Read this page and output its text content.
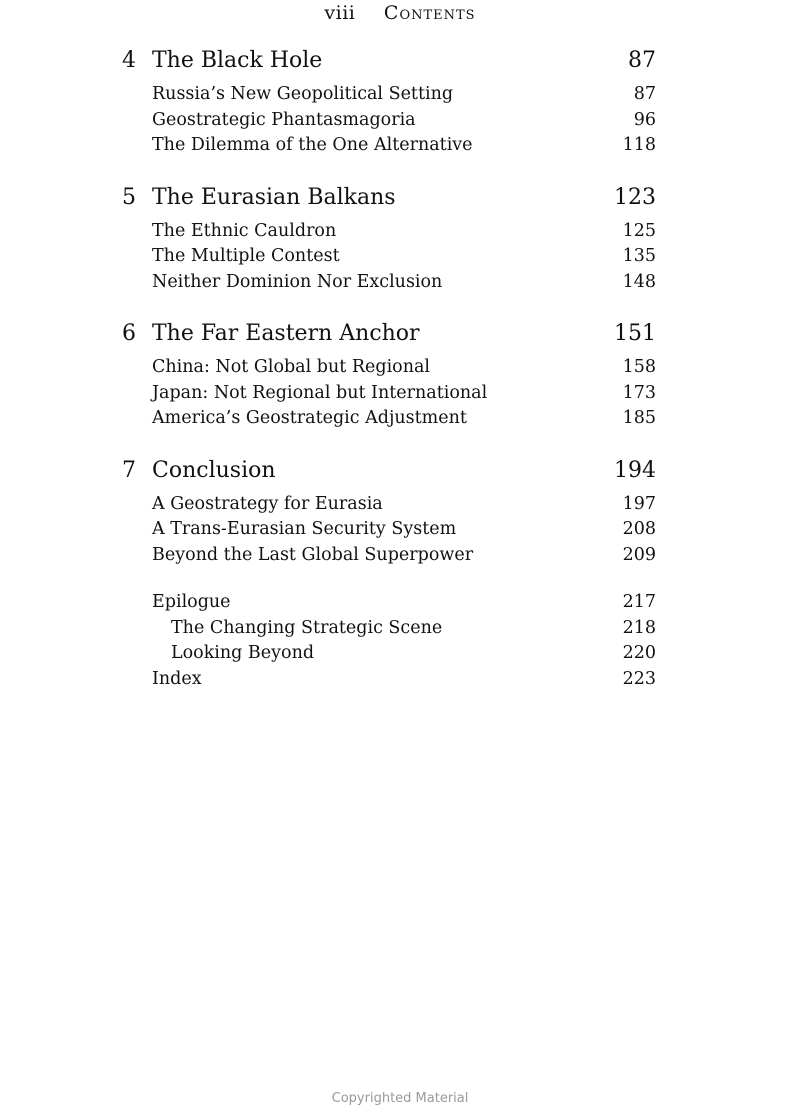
viii Contents
4 The Black Hole	87
Russia’s New Geopolitical Setting	87
Geostrategic Phantasmagoria	96
The Dilemma of the One Alternative	118
5 The Eurasian Balkans	123
The Ethnic Cauldron	125
The Multiple Contest	135
Neither Dominion Nor Exclusion	148
6 The Far Eastern Anchor	151
China: Not Global but Regional	158
Japan: Not Regional but International	173
America’s Geostrategic Adjustment	185
7 Conclusion	194
A Geostrategy for Eurasia	197
A Trans-Eurasian Security System	208
Beyond the Last Global Superpower	209
Epilogue	217
The Changing Strategic Scene	218
Looking Beyond	220
Index	223
Copyrighted Material
